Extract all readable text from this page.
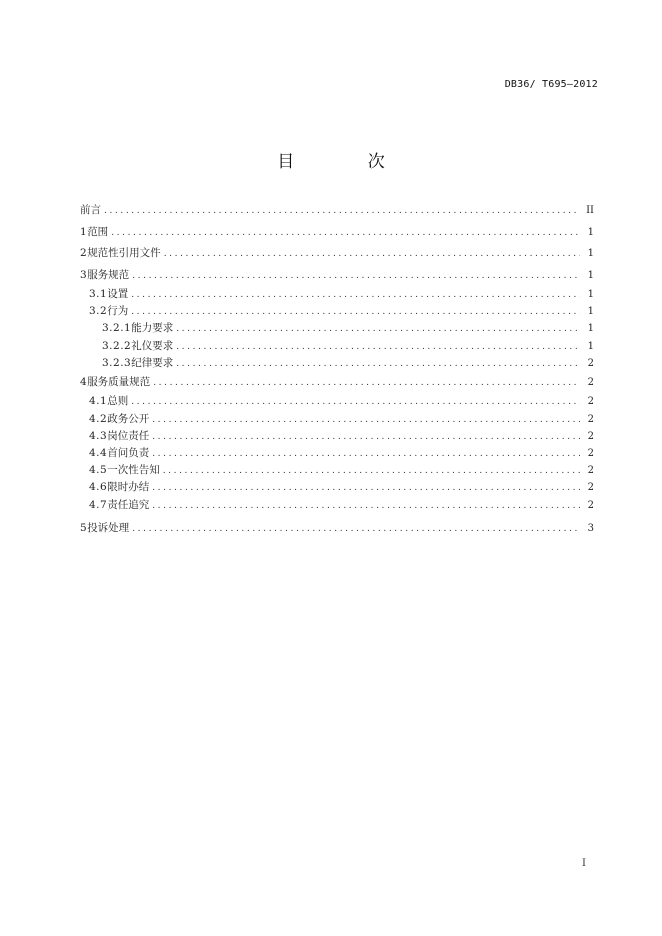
DB36/ T695—2012
目 次
前言 .....	II
1 范围 .....	1
2 规范性引用文件 .....	1
3 服务规范 .....	1
3.1 设置 .....	1
3.2 行为 .....	1
3.2.1 能力要求 .....	1
3.2.2 礼仪要求 .....	1
3.2.3 纪律要求 .....	2
4 服务质量规范 .....	2
4.1 总则 .....	2
4.2 政务公开 .....	2
4.3 岗位责任 .....	2
4.4 首问负责 .....	2
4.5 一次性告知 .....	2
4.6 限时办结 .....	2
4.7 责任追究 .....	2
5 投诉处理 .....	3
I
